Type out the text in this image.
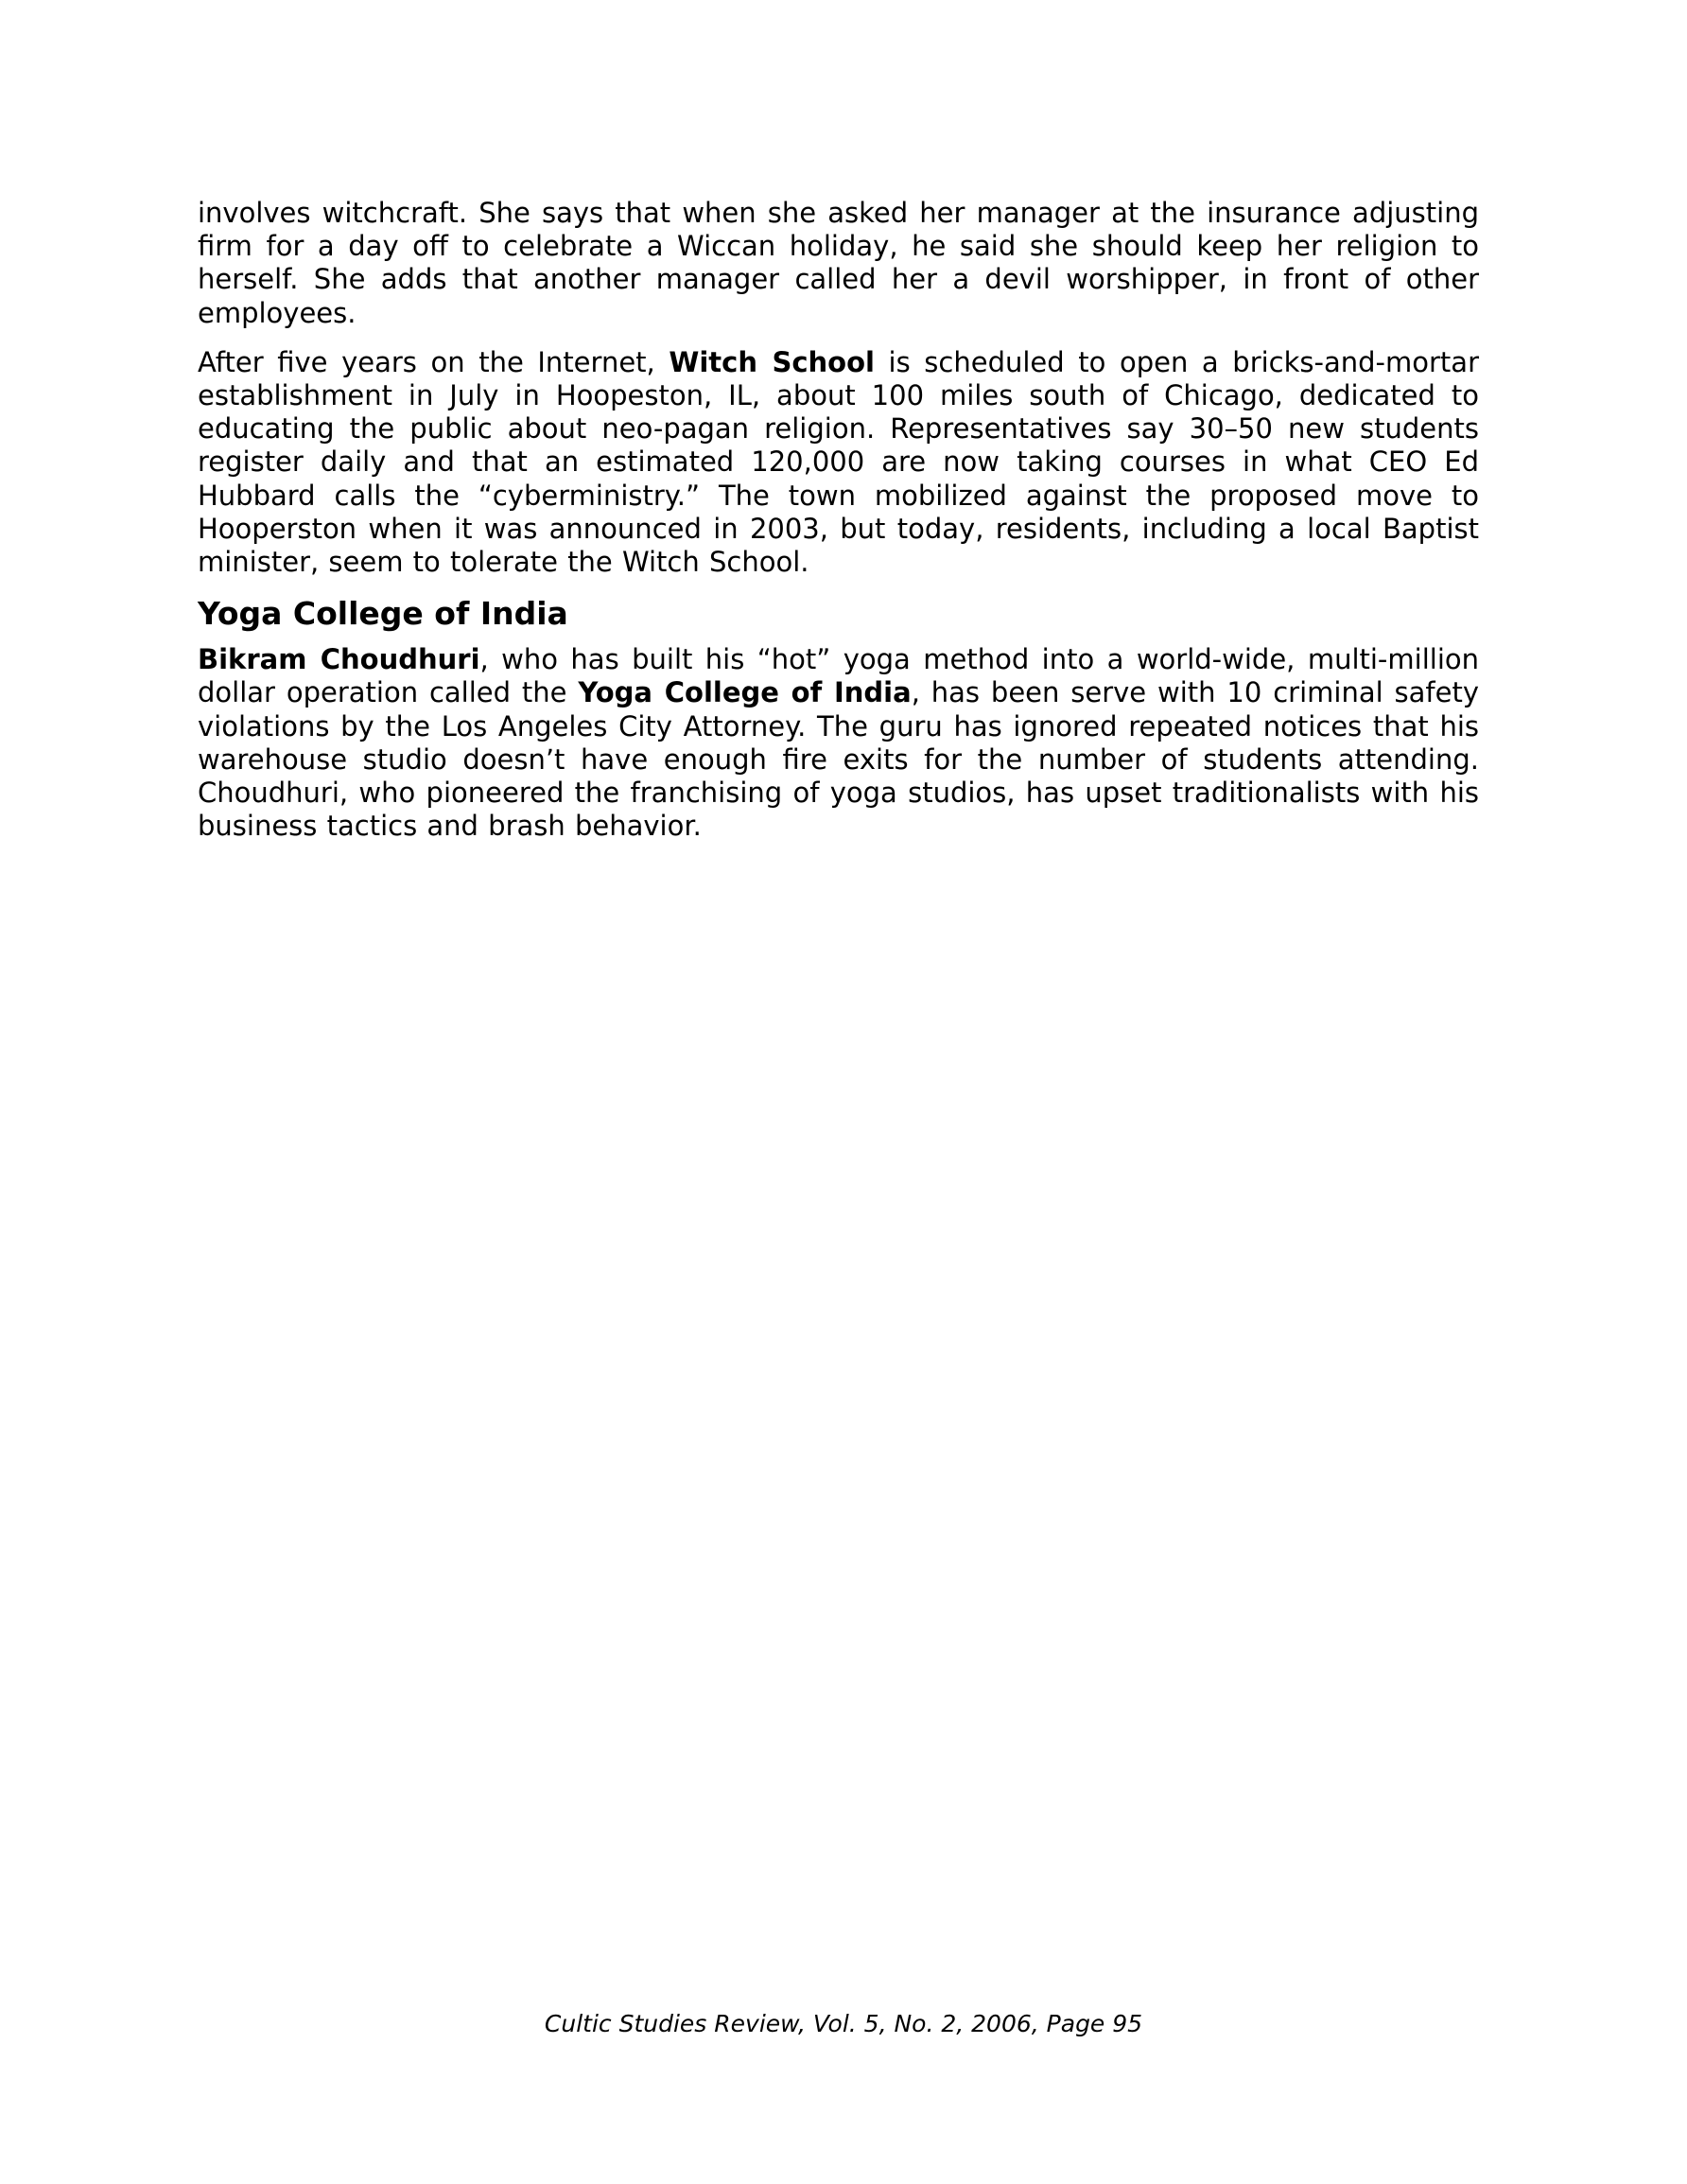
involves witchcraft. She says that when she asked her manager at the insurance adjusting firm for a day off to celebrate a Wiccan holiday, he said she should keep her religion to herself. She adds that another manager called her a devil worshipper, in front of other employees.

After five years on the Internet, Witch School is scheduled to open a bricks-and-mortar establishment in July in Hoopeston, IL, about 100 miles south of Chicago, dedicated to educating the public about neo-pagan religion. Representatives say 30–50 new students register daily and that an estimated 120,000 are now taking courses in what CEO Ed Hubbard calls the “cyberministry.” The town mobilized against the proposed move to Hooperston when it was announced in 2003, but today, residents, including a local Baptist minister, seem to tolerate the Witch School.

Yoga College of India

Bikram Choudhuri, who has built his “hot” yoga method into a world-wide, multi-million dollar operation called the Yoga College of India, has been serve with 10 criminal safety violations by the Los Angeles City Attorney. The guru has ignored repeated notices that his warehouse studio doesn’t have enough fire exits for the number of students attending. Choudhuri, who pioneered the franchising of yoga studios, has upset traditionalists with his business tactics and brash behavior.

Cultic Studies Review, Vol. 5, No. 2, 2006, Page 95
